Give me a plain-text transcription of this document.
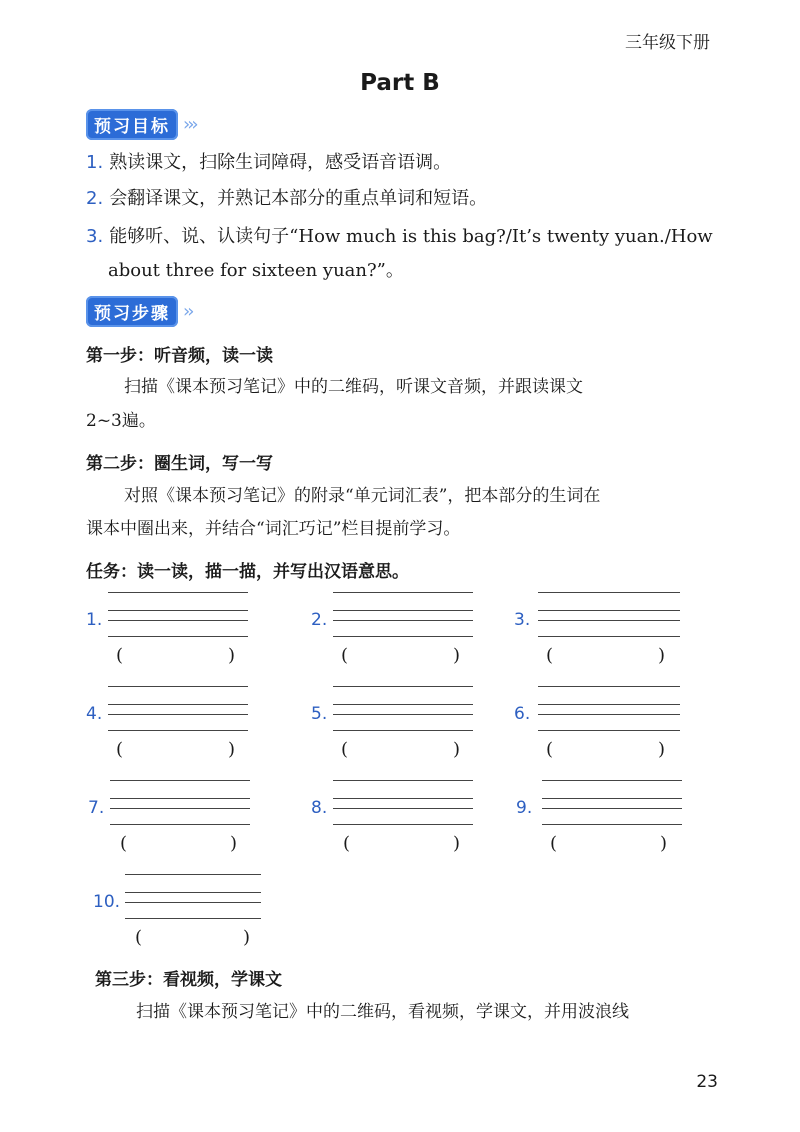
三年级下册
Part B
预习目标 ›››
1. 熟读课文，扫除生词障碍，感受语音语调。
2. 会翻译课文，并熟记本部分的重点单词和短语。
3. 能够听、说、认读句子“How much is this bag?/It’s twenty yuan./How
about three for sixteen yuan?”。
预习步骤 ››
第一步：听音频，读一读
扫描《课本预习笔记》中的二维码，听课文音频，并跟读课文
2~3遍。
第二步：圈生词，写一写
对照《课本预习笔记》的附录“单元词汇表”，把本部分的生词在
课本中圈出来，并结合“词汇巧记”栏目提前学习。
任务：读一读，描一描，并写出汉语意思。
1.
(	)
2.
(	)
3.
(	)
4.
(	)
5.
(	)
6.
(	)
7.
(	)
8.
(	)
9.
(	)
10.
(	)
第三步：看视频，学课文
扫描《课本预习笔记》中的二维码，看视频，学课文，并用波浪线
23
